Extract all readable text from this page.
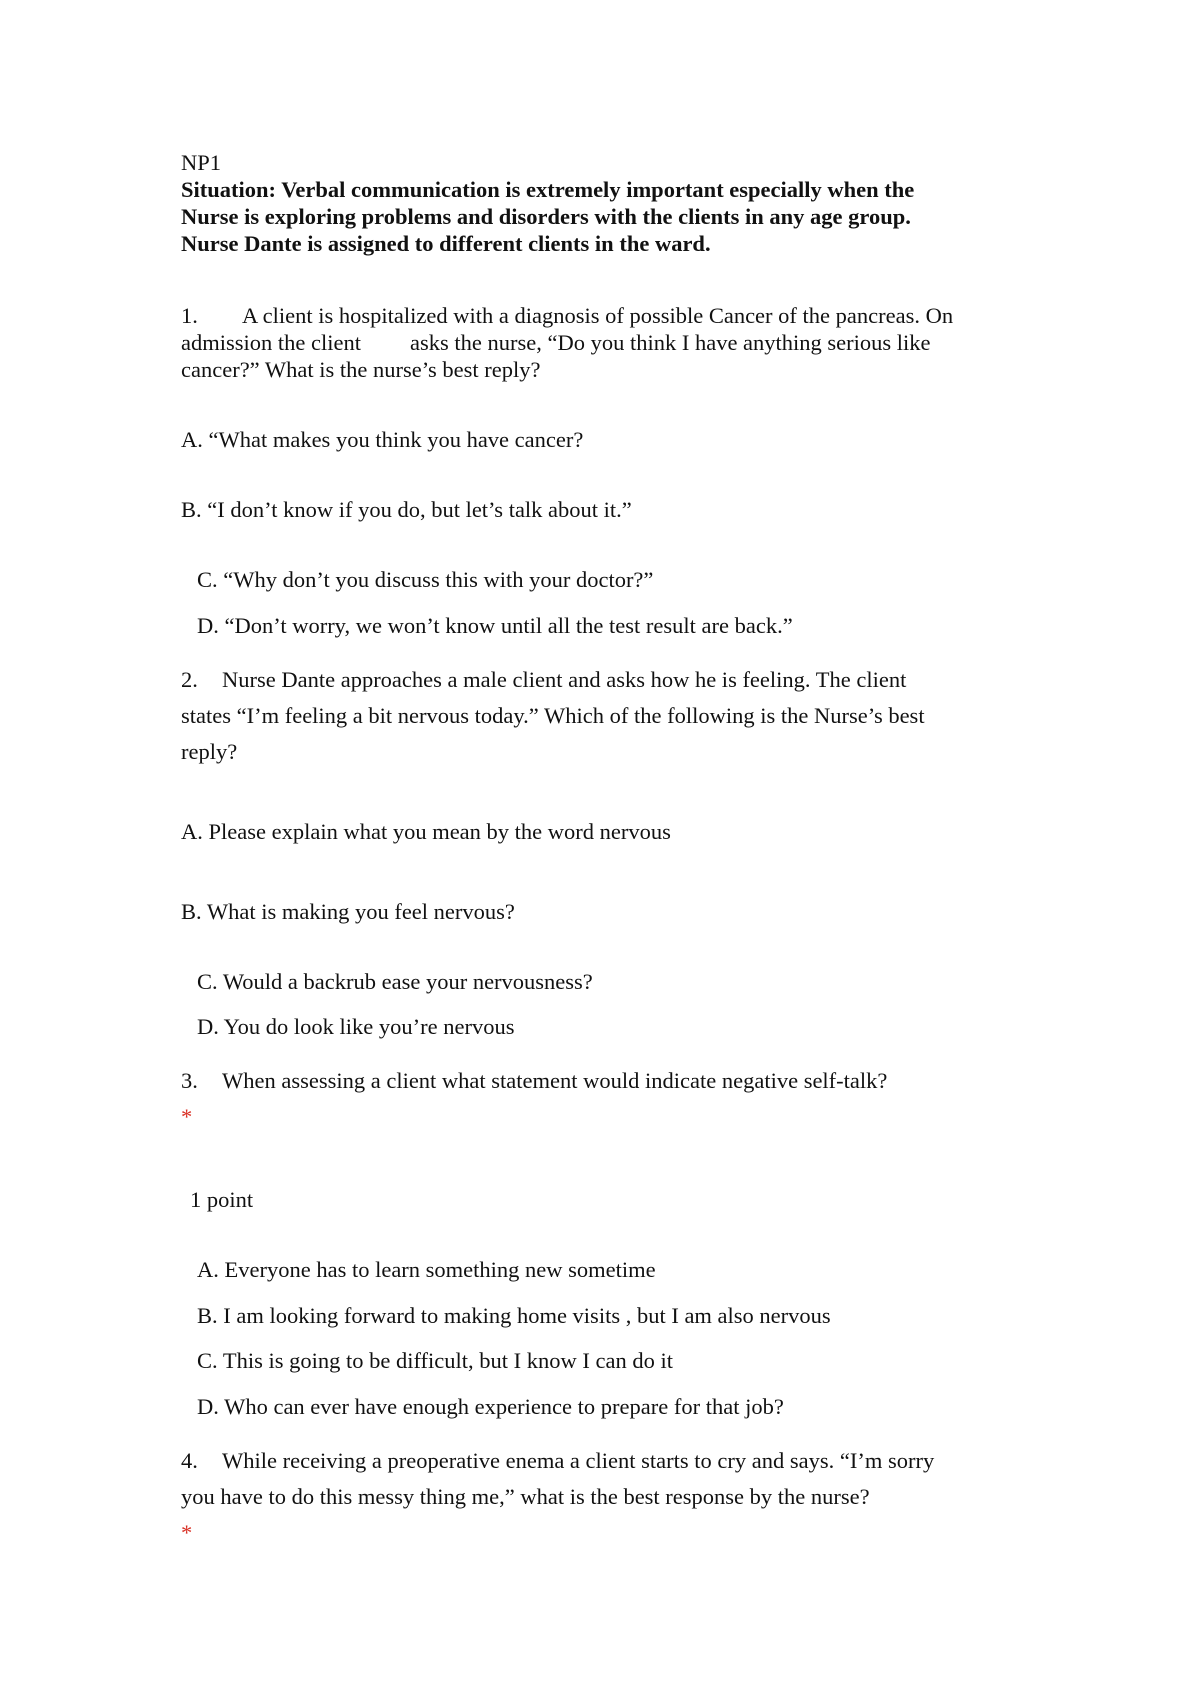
NP1
Situation: Verbal communication is extremely important especially when the
Nurse is exploring problems and disorders with the clients in any age group.
Nurse Dante is assigned to different clients in the ward.
1. A client is hospitalized with a diagnosis of possible Cancer of the pancreas. On
admission the client asks the nurse, “Do you think I have anything serious like
cancer?” What is the nurse’s best reply?
A. “What makes you think you have cancer?
B. “I don’t know if you do, but let’s talk about it.”
C. “Why don’t you discuss this with your doctor?”
D. “Don’t worry, we won’t know until all the test result are back.”
2. Nurse Dante approaches a male client and asks how he is feeling. The client
states “I’m feeling a bit nervous today.” Which of the following is the Nurse’s best
reply?
A. Please explain what you mean by the word nervous
B. What is making you feel nervous?
C. Would a backrub ease your nervousness?
D. You do look like you’re nervous
3. When assessing a client what statement would indicate negative self-talk?
*
1 point
A. Everyone has to learn something new sometime
B. I am looking forward to making home visits , but I am also nervous
C. This is going to be difficult, but I know I can do it
D. Who can ever have enough experience to prepare for that job?
4. While receiving a preoperative enema a client starts to cry and says. “I’m sorry
you have to do this messy thing me,” what is the best response by the nurse?
*
